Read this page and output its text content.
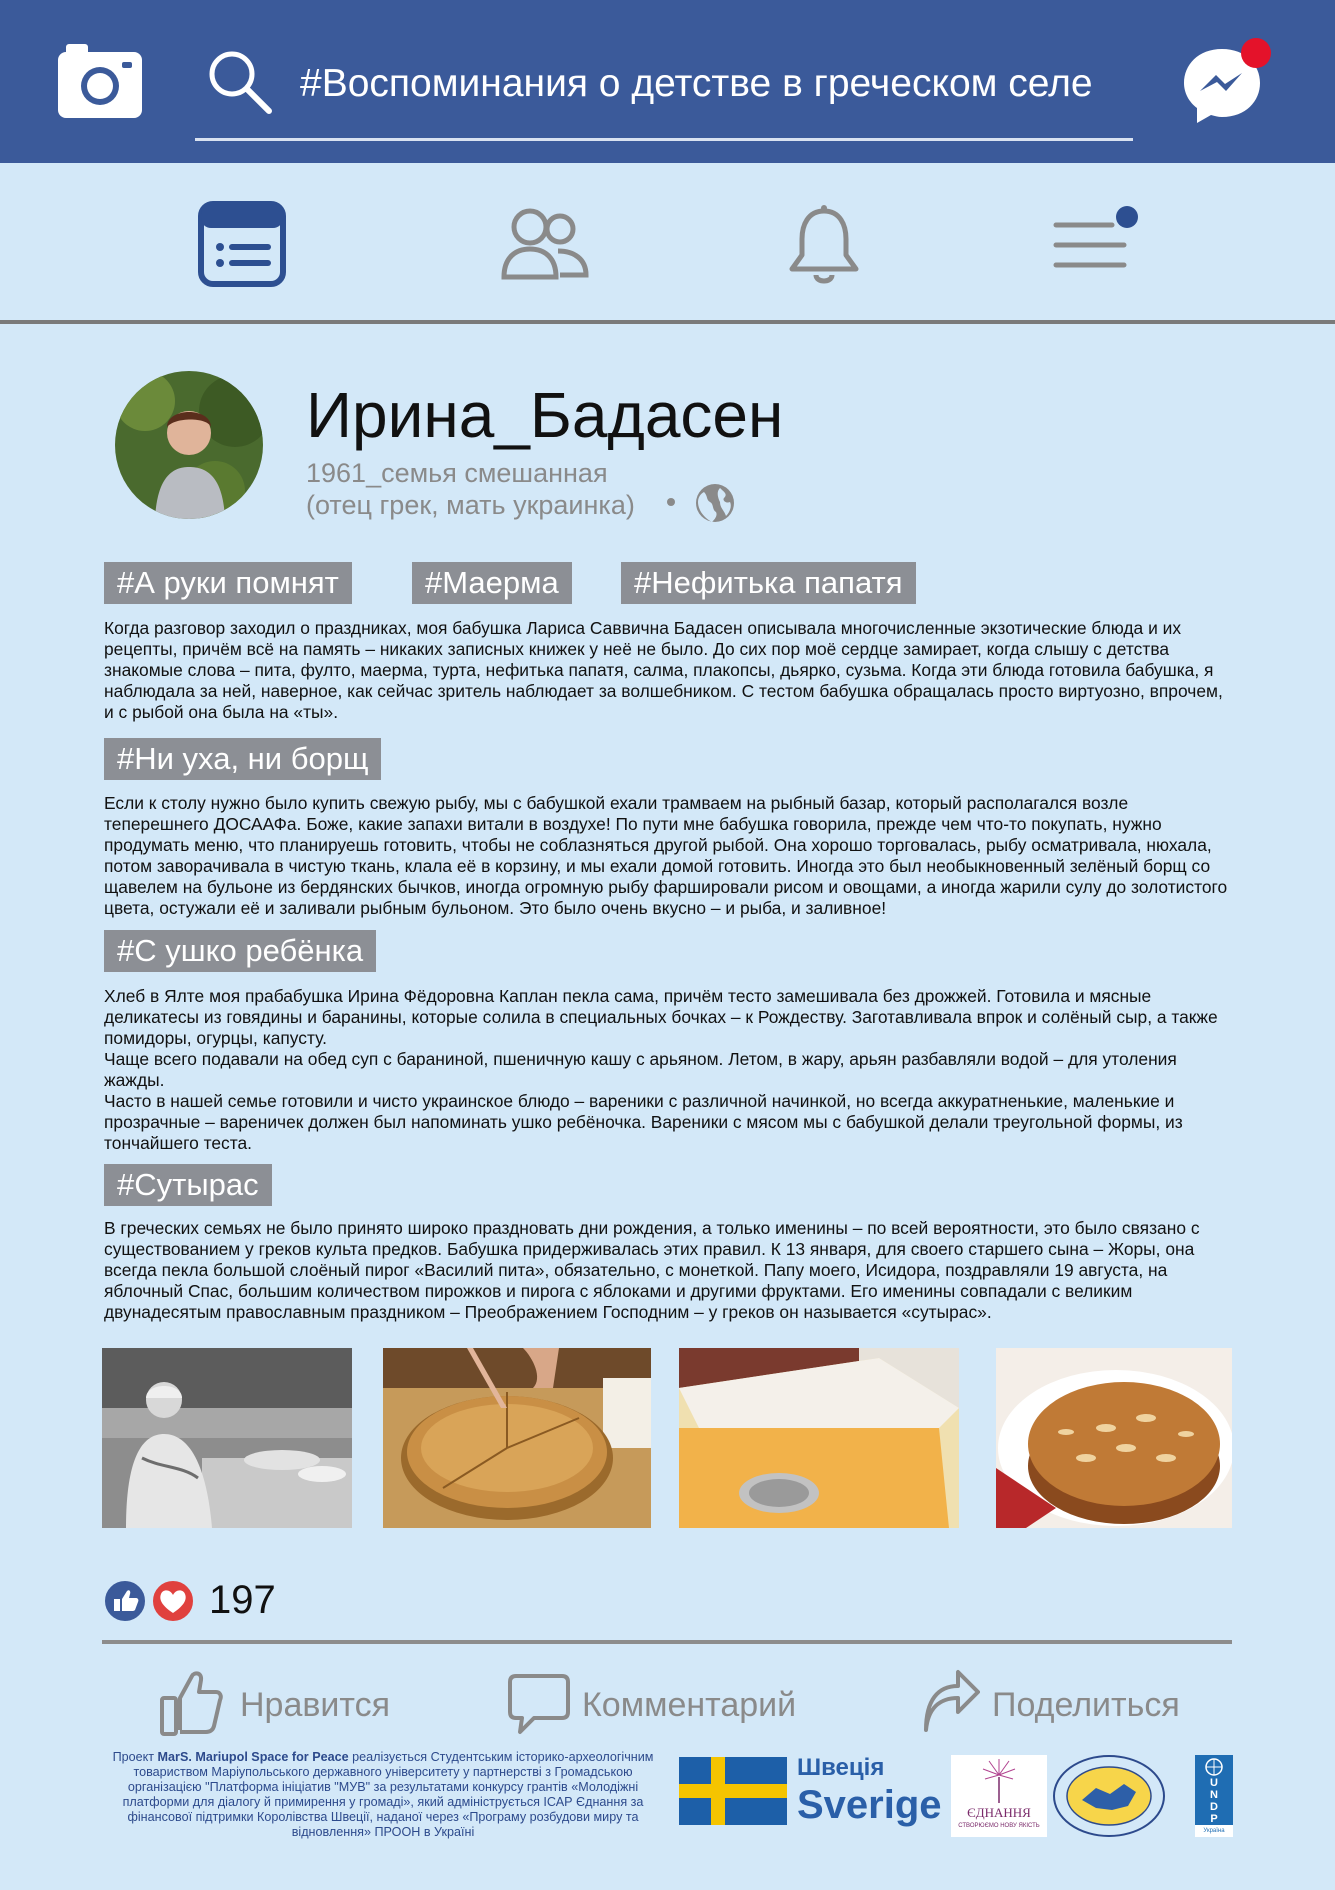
#Воспоминания о детстве в греческом селе
Ирина_Бадасен
1961_семья смешанная
(отец грек, мать украинка)
#А руки помнят	#Маерма	#Нефитька папатя
Когда разговор заходил о праздниках, моя бабушка Лариса Саввична Бадасен описывала многочисленные экзотические блюда и их рецепты, причём всё на память – никаких записных книжек у неё не было. До сих пор моё сердце замирает, когда слышу с детства знакомые слова – пита, фулто, маерма, турта, нефитька папатя, салма, плакопсы, дьярко, сузьма. Когда эти блюда готовила бабушка, я наблюдала за ней, наверное, как сейчас зритель наблюдает за волшебником. С тестом бабушка обращалась просто виртуозно, впрочем, и с рыбой она была на «ты».
#Ни уха, ни борщ
Если к столу нужно было купить свежую рыбу, мы с бабушкой ехали трамваем на рыбный базар, который располагался возле теперешнего ДОСААФа. Боже, какие запахи витали в воздухе! По пути мне бабушка говорила, прежде чем что-то покупать, нужно продумать меню, что планируешь готовить, чтобы не соблазняться другой рыбой. Она хорошо торговалась, рыбу осматривала, нюхала, потом заворачивала в чистую ткань, клала её в корзину, и мы ехали домой готовить. Иногда это был необыкновенный зелёный борщ со щавелем на бульоне из бердянских бычков, иногда огромную рыбу фаршировали рисом и овощами, а иногда жарили сулу до золотистого цвета, остужали её и заливали рыбным бульоном. Это было очень вкусно – и рыба, и заливное!
#С ушко ребёнка
Хлеб в Ялте моя прабабушка Ирина Фёдоровна Каплан пекла сама, причём тесто замешивала без дрожжей. Готовила и мясные деликатесы из говядины и баранины, которые солила в специальных бочках – к Рождеству. Заготавливала впрок и солёный сыр, а также помидоры, огурцы, капусту.
Чаще всего подавали на обед суп с бараниной, пшеничную кашу с арьяном. Летом, в жару, арьян разбавляли водой – для утоления жажды.
Часто в нашей семье готовили и чисто украинское блюдо – вареники с различной начинкой, но всегда аккуратненькие, маленькие и прозрачные – вареничек должен был напоминать ушко ребёночка. Вареники с мясом мы с бабушкой делали треугольной формы, из тончайшего теста.
#Сутырас
В греческих семьях не было принято широко праздновать дни рождения, а только именины – по всей вероятности, это было связано с существованием у греков культа предков. Бабушка придерживалась этих правил. К 13 января, для своего старшего сына – Жоры, она всегда пекла большой слоёный пирог «Василий пита», обязательно, с монеткой. Папу моего, Исидора, поздравляли 19 августа, на яблочный Спас, большим количеством пирожков и пирога с яблоками и другими фруктами. Его именины совпадали с великим двунадесятым православным праздником – Преображением Господним – у греков он называется «сутырас».
197
Нравится	Комментарий	Поделиться
Проект MarS. Mariupol Space for Peace реалізується Студентським історико-археологічним товариством Маріупольського державного університету у партнерстві з Громадською організацією "Платформа ініціатив "МУВ" за результатами конкурсу грантів «Молодіжні платформи для діалогу й примирення у громаді», який адмініструється ІСАР Єднання за фінансової підтримки Королівства Швеції, наданої через «Програму розбудови миру та відновлення» ПРООН в Україні
Швеція
Sverige	ЄДНАННЯ
СТВОРЮЄМО НОВУ ЯКІСТЬ
U
N
D
P
Україна
